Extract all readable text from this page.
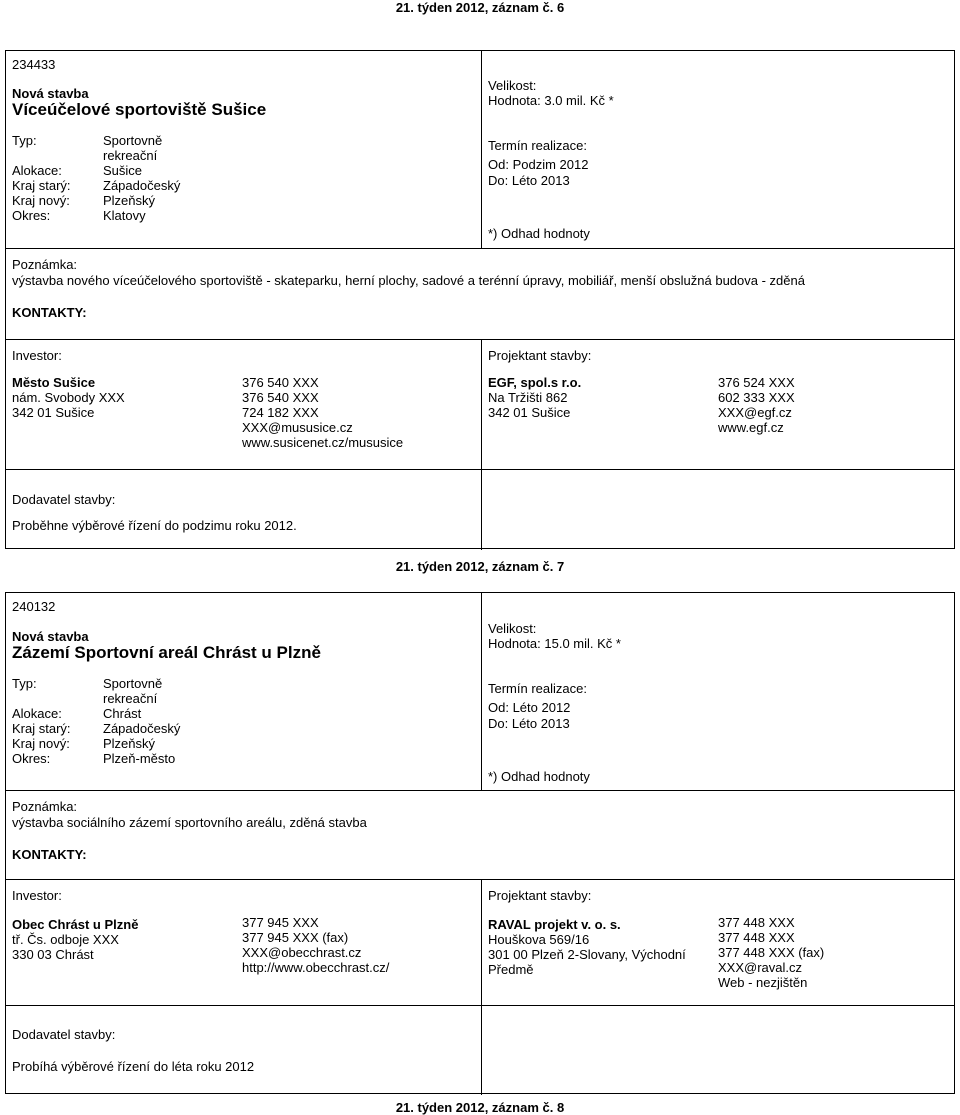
21. týden 2012, záznam č. 6
234433
Nová stavba
Víceúčelové sportoviště Sušice
Typ:	Sportovně
rekreační
Alokace:	Sušice
Kraj starý: Západočeský
Kraj nový:	Plzeňský
Okres:	Klatovy
Velikost:
Hodnota: 3.0 mil. Kč *
Termín realizace:
Od: Podzim 2012
Do: Léto 2013
*) Odhad hodnoty
Poznámka:
výstavba nového víceúčelového sportoviště - skateparku, herní plochy, sadové a terénní úpravy, mobiliář, menší obslužná budova - zděná
KONTAKTY:
Investor:
Město Sušice
nám. Svobody XXX
342 01 Sušice
376 540 XXX
376 540 XXX
724 182 XXX
XXX@mususice.cz
www.susicenet.cz/mususice
Projektant stavby:
EGF, spol.s r.o.
Na Tržišti 862
342 01 Sušice
376 524 XXX
602 333 XXX
XXX@egf.cz
www.egf.cz
Dodavatel stavby:
Proběhne výběrové řízení do podzimu roku 2012.
21. týden 2012, záznam č. 7
240132
Nová stavba
Zázemí Sportovní areál Chrást u Plzně
Typ:	Sportovně
rekreační
Alokace:	Chrást
Kraj starý: Západočeský
Kraj nový:	Plzeňský
Okres:	Plzeň-město
Velikost:
Hodnota: 15.0 mil. Kč *
Termín realizace:
Od: Léto 2012
Do: Léto 2013
*) Odhad hodnoty
Poznámka:
výstavba sociálního zázemí sportovního areálu, zděná stavba
KONTAKTY:
Investor:
Obec Chrást u Plzně
tř. Čs. odboje XXX
330 03 Chrást
377 945 XXX
377 945 XXX (fax)
XXX@obecchrast.cz
http://www.obecchrast.cz/
Projektant stavby:
RAVAL projekt v. o. s.
Houškova 569/16
301 00 Plzeň 2-Slovany, Východní
Předmě
377 448 XXX
377 448 XXX
377 448 XXX (fax)
XXX@raval.cz
Web - nezjištěn
Dodavatel stavby:
Probíhá výběrové řízení do léta roku 2012
21. týden 2012, záznam č. 8
